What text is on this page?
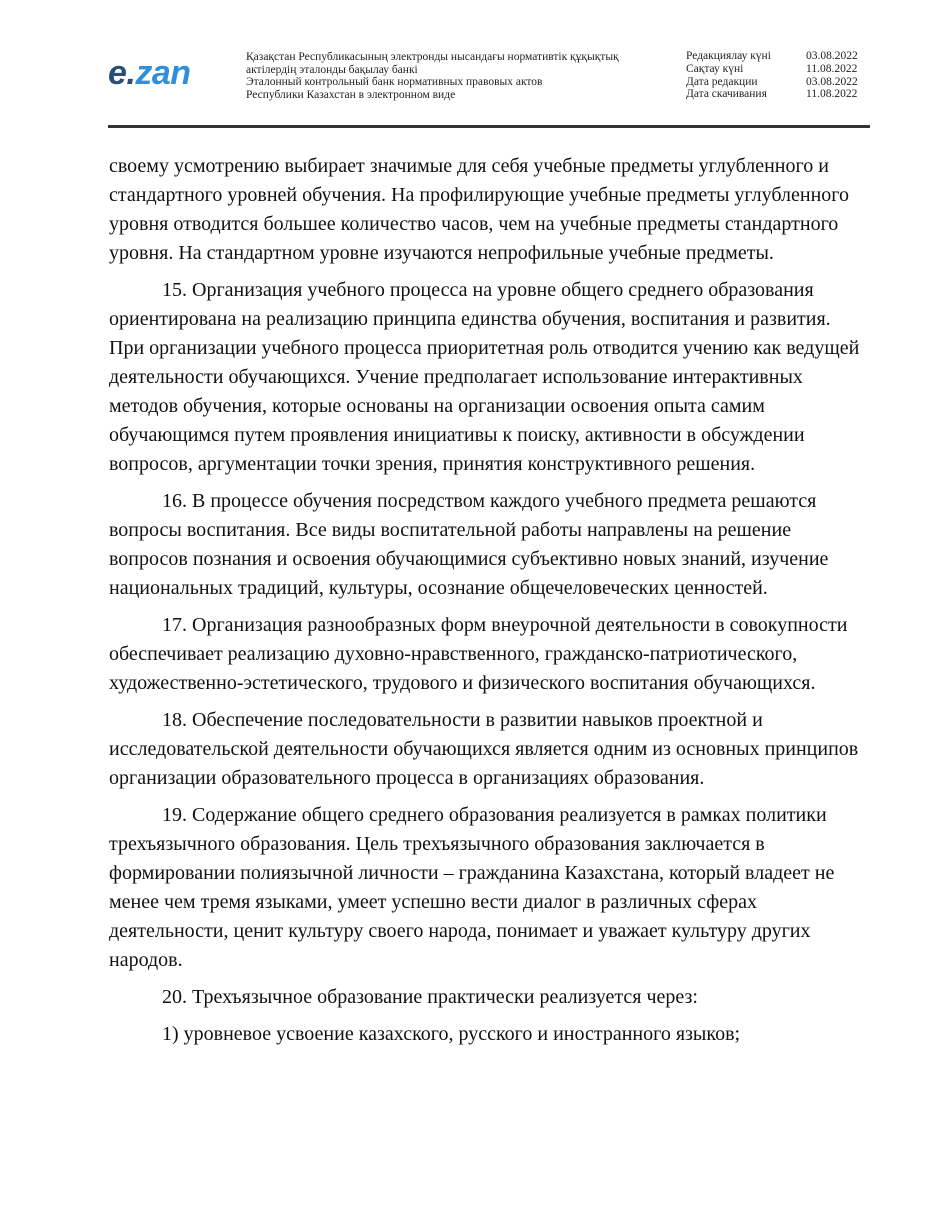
e.zan	Қазақстан Республикасының электронды нысандағы нормативтік құқықтық
актілердің эталонды бақылау банкі
Эталонный контрольный банк нормативных правовых актов
Республики Казахстан в электронном виде
Редакциялау күні	03.08.2022
Сақтау күні	11.08.2022
Дата редакции	03.08.2022
Дата скачивания	11.08.2022

своему усмотрению выбирает значимые для себя учебные предметы углубленного и стандартного уровней обучения. На профилирующие учебные предметы углубленного уровня отводится большее количество часов, чем на учебные предметы стандартного уровня. На стандартном уровне изучаются непрофильные учебные предметы.

15. Организация учебного процесса на уровне общего среднего образования ориентирована на реализацию принципа единства обучения, воспитания и развития. При организации учебного процесса приоритетная роль отводится учению как ведущей деятельности обучающихся. Учение предполагает использование интерактивных методов обучения, которые основаны на организации освоения опыта самим обучающимся путем проявления инициативы к поиску, активности в обсуждении вопросов, аргументации точки зрения, принятия конструктивного решения.

16. В процессе обучения посредством каждого учебного предмета решаются вопросы воспитания. Все виды воспитательной работы направлены на решение вопросов познания и освоения обучающимися субъективно новых знаний, изучение национальных традиций, культуры, осознание общечеловеческих ценностей.

17. Организация разнообразных форм внеурочной деятельности в совокупности обеспечивает реализацию духовно-нравственного, гражданско-патриотического, художественно-эстетического, трудового и физического воспитания обучающихся.

18. Обеспечение последовательности в развитии навыков проектной и исследовательской деятельности обучающихся является одним из основных принципов организации образовательного процесса в организациях образования.

19. Содержание общего среднего образования реализуется в рамках политики трехъязычного образования. Цель трехъязычного образования заключается в формировании полиязычной личности – гражданина Казахстана, который владеет не менее чем тремя языками, умеет успешно вести диалог в различных сферах деятельности, ценит культуру своего народа, понимает и уважает культуру других народов.

20. Трехъязычное образование практически реализуется через:

1) уровневое усвоение казахского, русского и иностранного языков;
